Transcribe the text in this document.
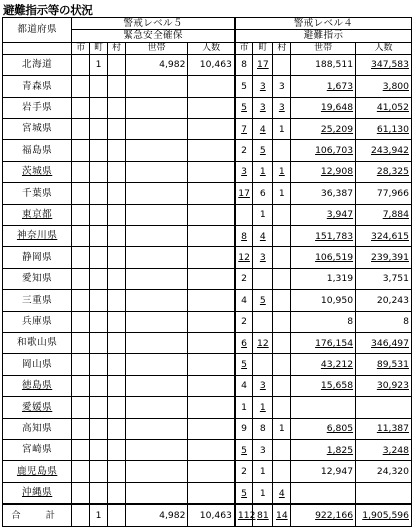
避難指示等の状況
都道府県	警戒レベル５					警戒レベル４				
	緊急安全確保					避難指示				
	市	町	村	世帯	人数	市	町	村	世帯	人数
北海道		1		4,982	10,463	8	17		188,511	347,583
青森県						5	3	3	1,673	3,800
岩手県						5	3	3	19,648	41,052
宮城県						7	4	1	25,209	61,130
福島県						2	5		106,703	243,942
茨城県						3	1	1	12,908	28,325
千葉県						17	6	1	36,387	77,966
東京都							1		3,947	7,884
神奈川県						8	4		151,783	324,615
静岡県						12	3		106,519	239,391
愛知県						2			1,319	3,751
三重県						4	5		10,950	20,243
兵庫県						2			8	8
和歌山県						6	12		176,154	346,497
岡山県						5			43,212	89,531
徳島県						4	3		15,658	30,923
愛媛県						1	1			
高知県						9	8	1	6,805	11,387
宮崎県						5	3		1,825	3,248
鹿児島県						2	1		12,947	24,320
沖縄県						5	1	4		
合　計		1		4,982	10,463	112	81	14	922,166	1,905,596
